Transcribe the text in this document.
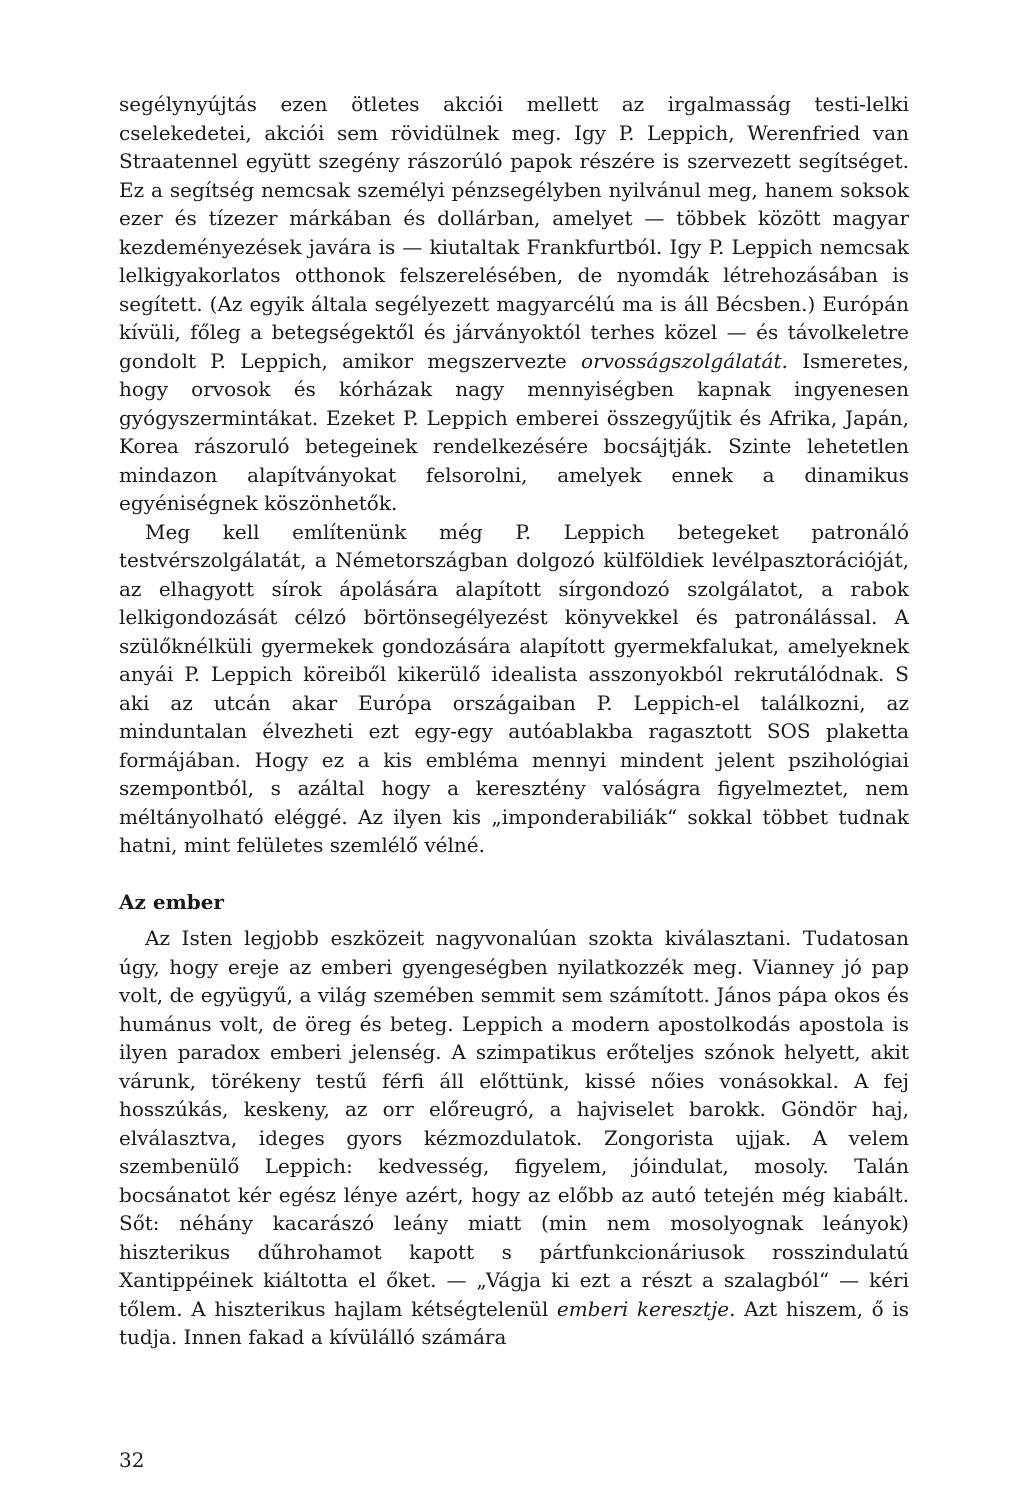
segélynyújtás ezen ötletes akciói mellett az irgalmasság testi-lelki cselekedetei, akciói sem rövidülnek meg. Igy P. Leppich, Werenfried van Straatennel együtt szegény rászorúló papok részére is szervezett segítséget. Ez a segítség nemcsak személyi pénzsegélyben nyilvánul meg, hanem soksok ezer és tízezer márkában és dollárban, amelyet — többek között magyar kezdeményezések javára is — kiutaltak Frankfurtból. Igy P. Leppich nemcsak lelkigyakorlatos otthonok felszerelésében, de nyomdák létrehozásában is segített. (Az egyik általa segélyezett magyarcélú ma is áll Bécsben.) Európán kívüli, főleg a betegségektől és járványoktól terhes közel — és távolkeletre gondolt P. Leppich, amikor megszervezte orvosságszolgálatát. Ismeretes, hogy orvosok és kórházak nagy mennyiségben kapnak ingyenesen gyógyszermintákat. Ezeket P. Leppich emberei összegyűjtik és Afrika, Japán, Korea rászoruló betegeinek rendelkezésére bocsájtják. Szinte lehetetlen mindazon alapítványokat felsorolni, amelyek ennek a dinamikus egyéniségnek köszönhetők.

Meg kell említenünk még P. Leppich betegeket patronáló testvérszolgálatát, a Németországban dolgozó külföldiek levélpasztorációját, az elhagyott sírok ápolására alapított sírgondozó szolgálatot, a rabok lelkigondozását célzó börtönsegélyezést könyvekkel és patronálással. A szülőknélküli gyermekek gondozására alapított gyermekfalukat, amelyeknek anyái P. Leppich köreiből kikerülő idealista asszonyokból rekrutálódnak. S aki az utcán akar Európa országaiban P. Leppich-el találkozni, az minduntalan élvezheti ezt egy-egy autóablakba ragasztott SOS plaketta formájában. Hogy ez a kis embléma mennyi mindent jelent pszihológiai szempontból, s azáltal hogy a keresztény valóságra figyelmeztet, nem méltányolható eléggé. Az ilyen kis „imponderabiliák“ sokkal többet tudnak hatni, mint felületes szemlélő vélné.

Az ember

Az Isten legjobb eszközeit nagyvonalúan szokta kiválasztani. Tudatosan úgy, hogy ereje az emberi gyengeségben nyilatkozzék meg. Vianney jó pap volt, de együgyű, a világ szemében semmit sem számított. János pápa okos és humánus volt, de öreg és beteg. Leppich a modern apostolkodás apostola is ilyen paradox emberi jelenség. A szimpatikus erőteljes szónok helyett, akit várunk, törékeny testű férfi áll előttünk, kissé nőies vonásokkal. A fej hosszúkás, keskeny, az orr előreugró, a hajviselet barokk. Göndör haj, elválasztva, ideges gyors kézmozdulatok. Zongorista ujjak. A velem szembenülő Leppich: kedvesség, figyelem, jóindulat, mosoly. Talán bocsánatot kér egész lénye azért, hogy az előbb az autó tetején még kiabált. Sőt: néhány kacarászó leány miatt (min nem mosolyognak leányok) hiszterikus dűhrohamot kapott s pártfunkcionáriusok rosszindulatú Xantippéinek kiáltotta el őket. — „Vágja ki ezt a részt a szalagból“ — kéri tőlem. A hiszterikus hajlam kétségtelenül emberi keresztje. Azt hiszem, ő is tudja. Innen fakad a kívülálló számára

32
